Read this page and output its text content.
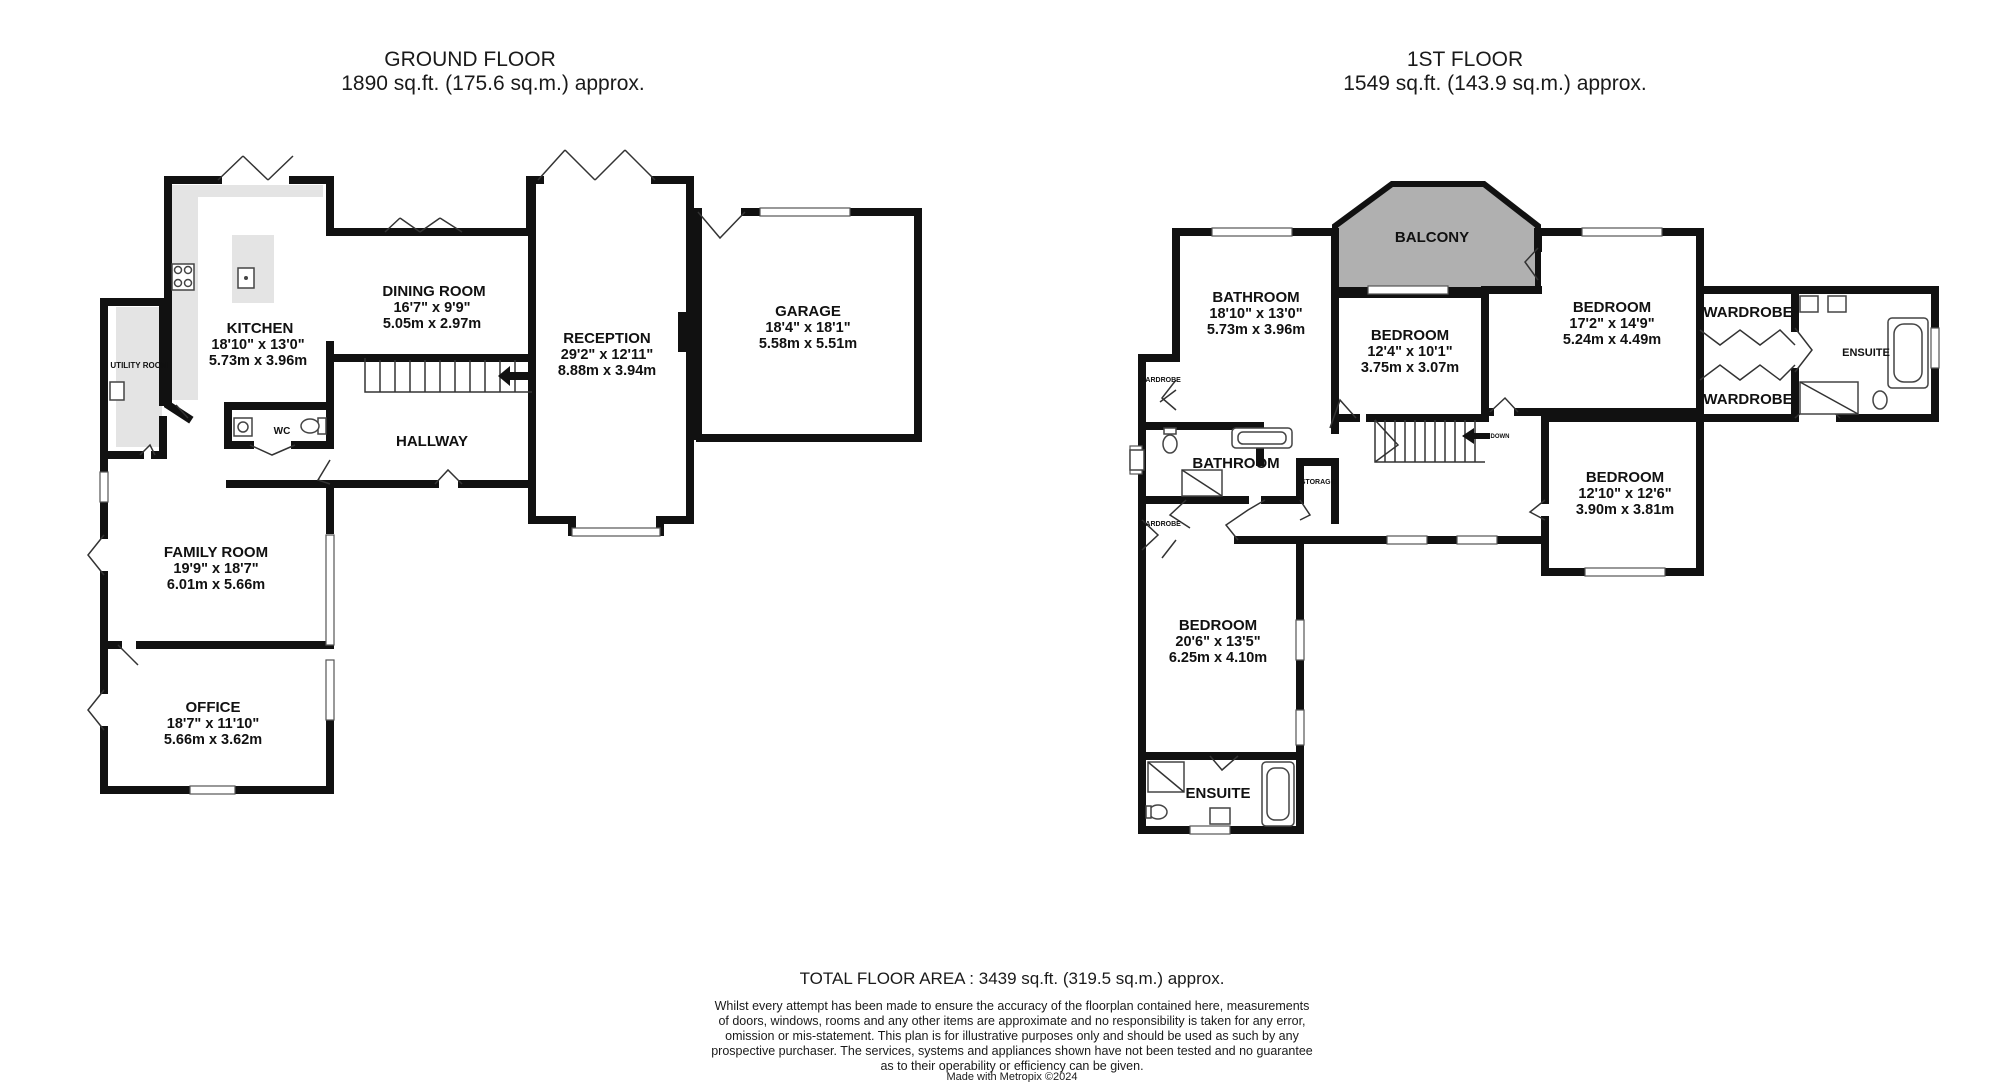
GROUND FLOOR
1890 sq.ft. (175.6 sq.m.) approx.
1ST FLOOR
1549 sq.ft. (143.9 sq.m.) approx.
KITCHEN
18'10" x 13'0"
5.73m x 3.96m
UTILITY ROOM
WC
DINING ROOM
16'7" x 9'9"
5.05m x 2.97m
RECEPTION
29'2" x 12'11"
8.88m x 3.94m
GARAGE
18'4" x 18'1"
5.58m x 5.51m
HALLWAY
FAMILY ROOM
19'9" x 18'7"
6.01m x 5.66m
OFFICE
18'7" x 11'10"
5.66m x 3.62m
DOWN
BALCONY
BATHROOM
18'10" x 13'0"
5.73m x 3.96m	BEDROOM
12'4" x 10'1"
3.75m x 3.07m
BEDROOM
17'2" x 14'9"
5.24m x 4.49m
WARDROBE
WARDROBE
ENSUITE
WARDROBE
BATHROOM
STORAGE	BEDROOM
12'10" x 12'6"
3.90m x 3.81m
WARDROBE
BEDROOM
20'6" x 13'5"
6.25m x 4.10m
ENSUITE
TOTAL FLOOR AREA : 3439 sq.ft. (319.5 sq.m.) approx.
Whilst every attempt has been made to ensure the accuracy of the floorplan contained here, measurements
of doors, windows, rooms and any other items are approximate and no responsibility is taken for any error,
omission or mis-statement. This plan is for illustrative purposes only and should be used as such by any
prospective purchaser. The services, systems and appliances shown have not been tested and no guarantee
as to their operability or efficiency can be given.
Made with Metropix ©2024
